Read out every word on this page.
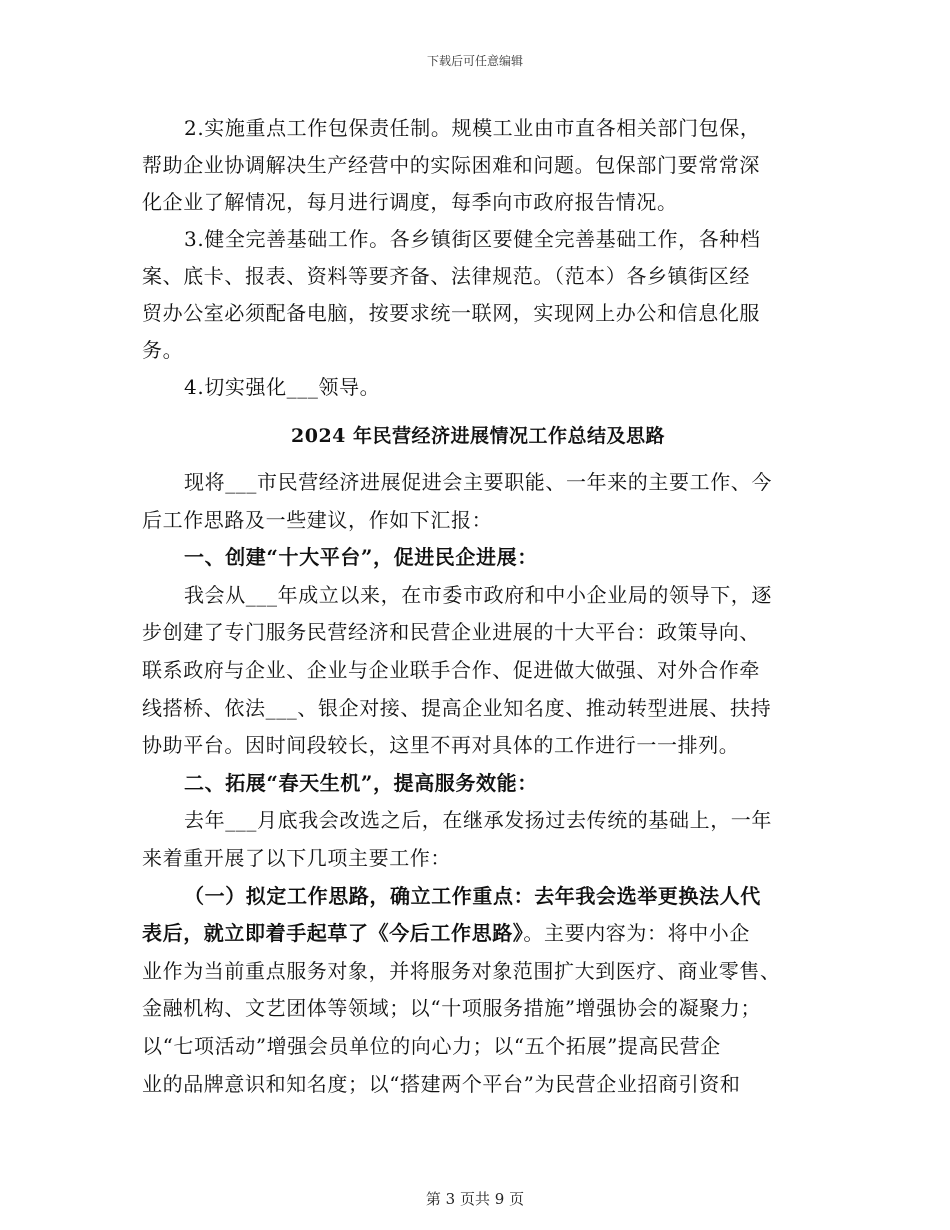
下载后可任意编辑

2.实施重点工作包保责任制。规模工业由市直各相关部门包保，
帮助企业协调解决生产经营中的实际困难和问题。包保部门要常常深
化企业了解情况，每月进行调度，每季向市政府报告情况。

3.健全完善基础工作。各乡镇街区要健全完善基础工作，各种档
案、底卡、报表、资料等要齐备、法律规范。（范本）各乡镇街区经
贸办公室必须配备电脑，按要求统一联网，实现网上办公和信息化服
务。

4.切实强化___领导。

2024 年民营经济进展情况工作总结及思路

现将___市民营经济进展促进会主要职能、一年来的主要工作、今
后工作思路及一些建议，作如下汇报：

一、创建“十大平台”，促进民企进展：

我会从___年成立以来，在市委市政府和中小企业局的领导下，逐
步创建了专门服务民营经济和民营企业进展的十大平台：政策导向、
联系政府与企业、企业与企业联手合作、促进做大做强、对外合作牵
线搭桥、依法___、银企对接、提高企业知名度、推动转型进展、扶持
协助平台。因时间段较长，这里不再对具体的工作进行一一排列。

二、拓展“春天生机”，提高服务效能：

去年___月底我会改选之后，在继承发扬过去传统的基础上，一年
来着重开展了以下几项主要工作：

（一）拟定工作思路，确立工作重点：去年我会选举更换法人代
表后，就立即着手起草了《今后工作思路》。主要内容为：将中小企
业作为当前重点服务对象，并将服务对象范围扩大到医疗、商业零售、
金融机构、文艺团体等领域；以“十项服务措施”增强协会的凝聚力；
以“七项活动”增强会员单位的向心力；以“五个拓展”提高民营企
业的品牌意识和知名度；以“搭建两个平台”为民营企业招商引资和

第 3 页共 9 页
